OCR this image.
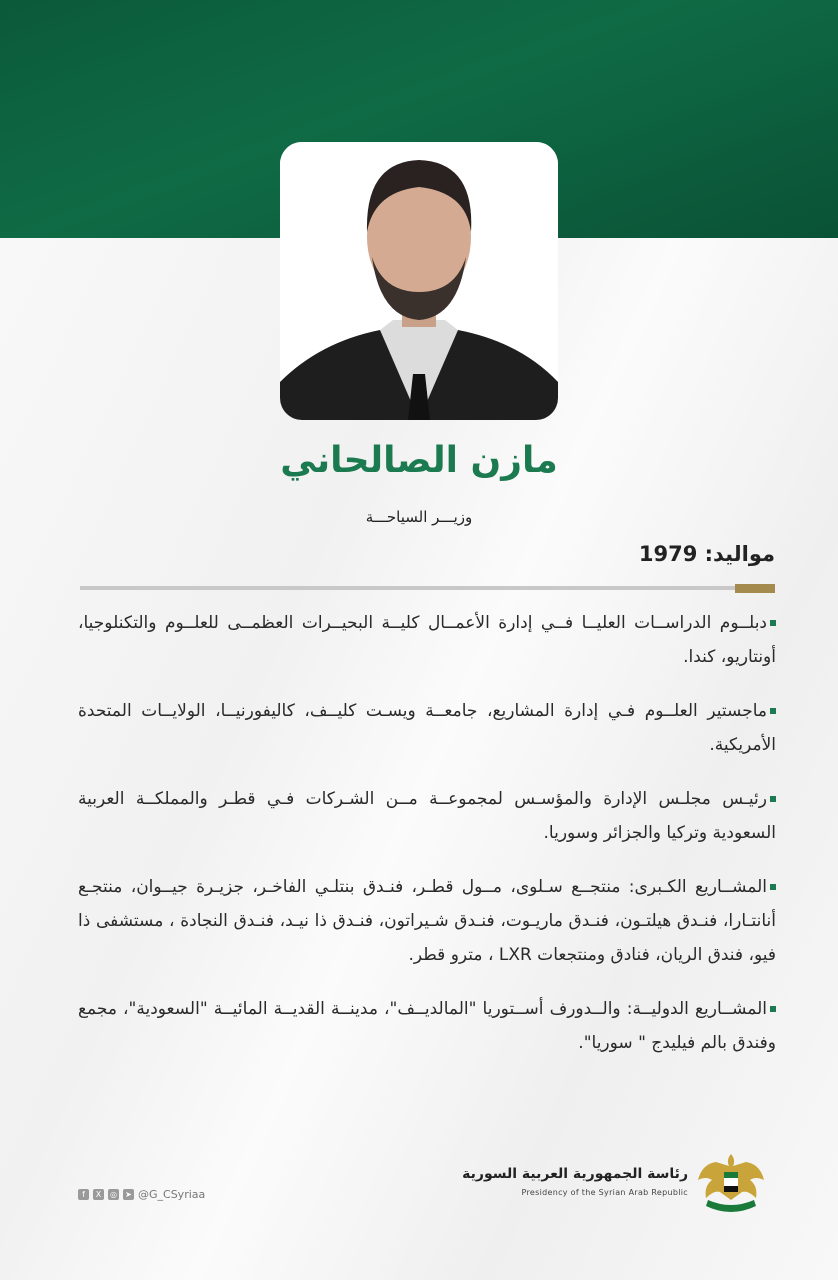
مازن الصالحاني
وزيـــر السياحـــة
مواليد: 1979
دبلــوم الدراســات العليــا فــي إدارة الأعمــال كليــة البحيــرات العظمــى للعلــوم والتكنلوجيا، أونتاريو، كندا.
ماجستير العلــوم فـي إدارة المشاريع، جامعــة ويسـت كليــف، كاليفورنيــا، الولايــات المتحدة الأمريكية.
رئيـس مجلـس الإدارة والمؤسـس لمجموعــة مــن الشـركات فـي قطـر والمملكــة العربية السعودية وتركيا والجزائر وسوريا.
المشــاريع الكـبرى: منتجــع سـلوى، مــول قطـر، فنـدق بنتلـي الفاخـر، جزيـرة جيــوان، منتجـع أنانتـارا، فنـدق هيلتـون، فنـدق ماريـوت، فنـدق شـيراتون، فنـدق ذا نيـد، فنـدق النجادة ، مستشفى ذا فيو، فندق الريان، فنادق ومنتجعات LXR ، مترو قطر.
المشــاريع الدوليــة: والــدورف أســتوريا "المالديــف"، مدينــة القديــة المائيــة "السعودية"، مجمع وفندق بالم فيليدج " سوريا".
f	X	◎ ➤ @G_CSyriaa
رئاسة الجمهورية العربية السورية
Presidency of the Syrian Arab Republic
